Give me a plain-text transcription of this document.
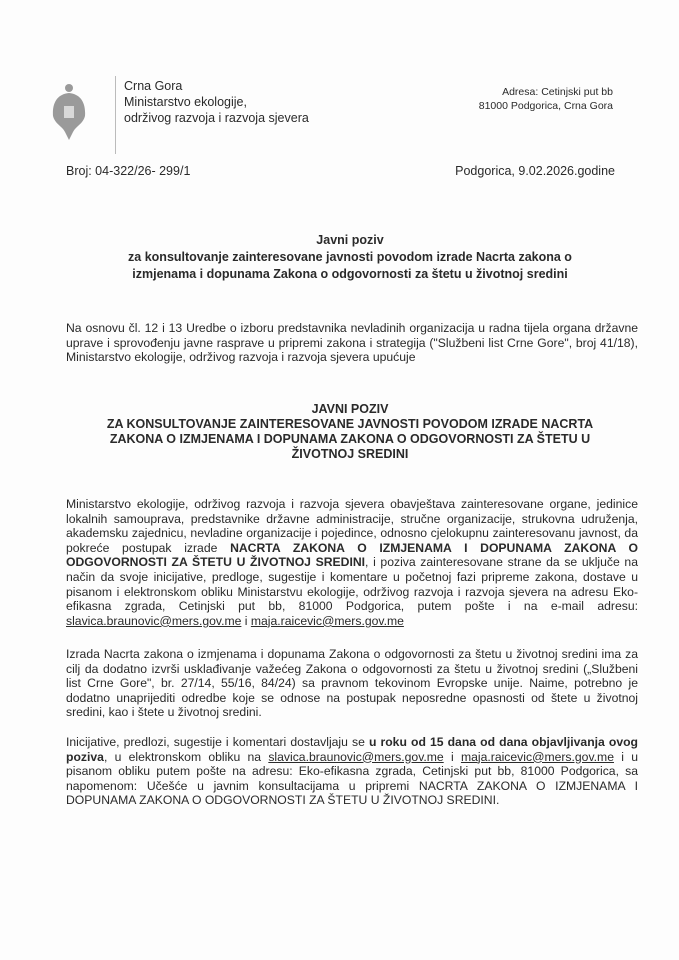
Crna Gora
Ministarstvo ekologije,
održivog razvoja i razvoja sjevera
Adresa: Cetinjski put bb
81000 Podgorica, Crna Gora
Broj: 04-322/26- 299/1	Podgorica, 9.02.2026.godine
Javni poziv
za konsultovanje zainteresovane javnosti povodom izrade Nacrta zakona o izmjenama i dopunama Zakona o odgovornosti za štetu u životnoj sredini
Na osnovu čl. 12 i 13 Uredbe o izboru predstavnika nevladinih organizacija u radna tijela organa državne uprave i sprovođenju javne rasprave u pripremi zakona i strategija ("Službeni list Crne Gore", broj 41/18), Ministarstvo ekologije, održivog razvoja i razvoja sjevera upućuje
JAVNI POZIV
ZA KONSULTOVANJE ZAINTERESOVANE JAVNOSTI POVODOM IZRADE NACRTA ZAKONA O IZMJENAMA I DOPUNAMA ZAKONA O ODGOVORNOSTI ZA ŠTETU U ŽIVOTNOJ SREDINI
Ministarstvo ekologije, održivog razvoja i razvoja sjevera obavještava zainteresovane organe, jedinice lokalnih samouprava, predstavnike državne administracije, stručne organizacije, strukovna udruženja, akademsku zajednicu, nevladine organizacije i pojedince, odnosno cjelokupnu zainteresovanu javnost, da pokreće postupak izrade NACRTA ZAKONA O IZMJENAMA I DOPUNAMA ZAKONA O ODGOVORNOSTI ZA ŠTETU U ŽIVOTNOJ SREDINI, i poziva zainteresovane strane da se uključe na način da svoje inicijative, predloge, sugestije i komentare u početnoj fazi pripreme zakona, dostave u pisanom i elektronskom obliku Ministarstvu ekologije, održivog razvoja i razvoja sjevera na adresu Eko-efikasna zgrada, Cetinjski put bb, 81000 Podgorica, putem pošte i na e-mail adresu: slavica.braunovic@mers.gov.me i maja.raicevic@mers.gov.me
Izrada Nacrta zakona o izmjenama i dopunama Zakona o odgovornosti za štetu u životnoj sredini ima za cilj da dodatno izvrši usklađivanje važećeg Zakona o odgovornosti za štetu u životnoj sredini („Službeni list Crne Gore", br. 27/14, 55/16, 84/24) sa pravnom tekovinom Evropske unije. Naime, potrebno je dodatno unaprijediti odredbe koje se odnose na postupak neposredne opasnosti od štete u životnoj sredini, kao i štete u životnoj sredini.
Inicijative, predlozi, sugestije i komentari dostavljaju se u roku od 15 dana od dana objavljivanja ovog poziva, u elektronskom obliku na slavica.braunovic@mers.gov.me i maja.raicevic@mers.gov.me i u pisanom obliku putem pošte na adresu: Eko-efikasna zgrada, Cetinjski put bb, 81000 Podgorica, sa napomenom: Učešće u javnim konsultacijama u pripremi NACRTA ZAKONA O IZMJENAMA I DOPUNAMA ZAKONA O ODGOVORNOSTI ZA ŠTETU U ŽIVOTNOJ SREDINI.
